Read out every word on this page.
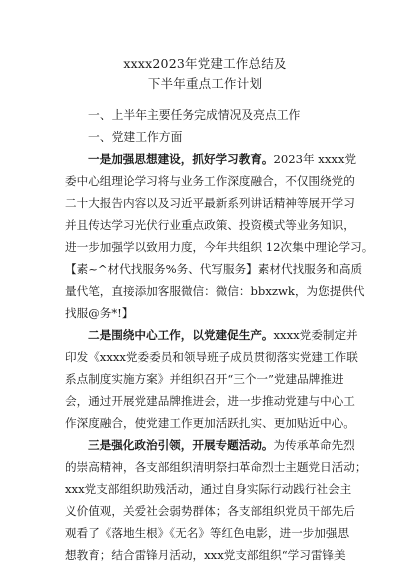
xxxx2023年党建工作总结及
下半年重点工作计划
一、上半年主要任务完成情况及亮点工作
一、党建工作方面
一是加强思想建设，抓好学习教育。2023年 xxxx党
委中心组理论学习将与业务工作深度融合，不仅围绕党的
二十大报告内容以及习近平最新系列讲话精神等展开学习
并且传达学习光伏行业重点政策、投资模式等业务知识，
进一步加强学以致用力度，今年共组织 12次集中理论学习。
【素~^材代找服务%务、代写服务】素材代找服务和高质
量代笔，直接添加客服微信：微信：bbxzwk，为您提供代
找服@务*!】
二是围绕中心工作，以党建促生产。xxxx党委制定并
印发《xxxx党委委员和领导班子成员贯彻落实党建工作联
系点制度实施方案》并组织召开“三个一”党建品牌推进
会，通过开展党建品牌推进会，进一步推动党建与中心工
作深度融合，使党建工作更加活跃扎实、更加贴近中心。
三是强化政治引领，开展专题活动。为传承革命先烈
的崇高精神，各支部组织清明祭扫革命烈士主题党日活动；
xxx党支部组织助残活动，通过自身实际行动践行社会主
义价值观，关爱社会弱势群体；各支部组织党员干部先后
观看了《落地生根》《无名》等红色电影，进一步加强思
想教育；结合雷锋月活动，xxx党支部组织“学习雷锋美
